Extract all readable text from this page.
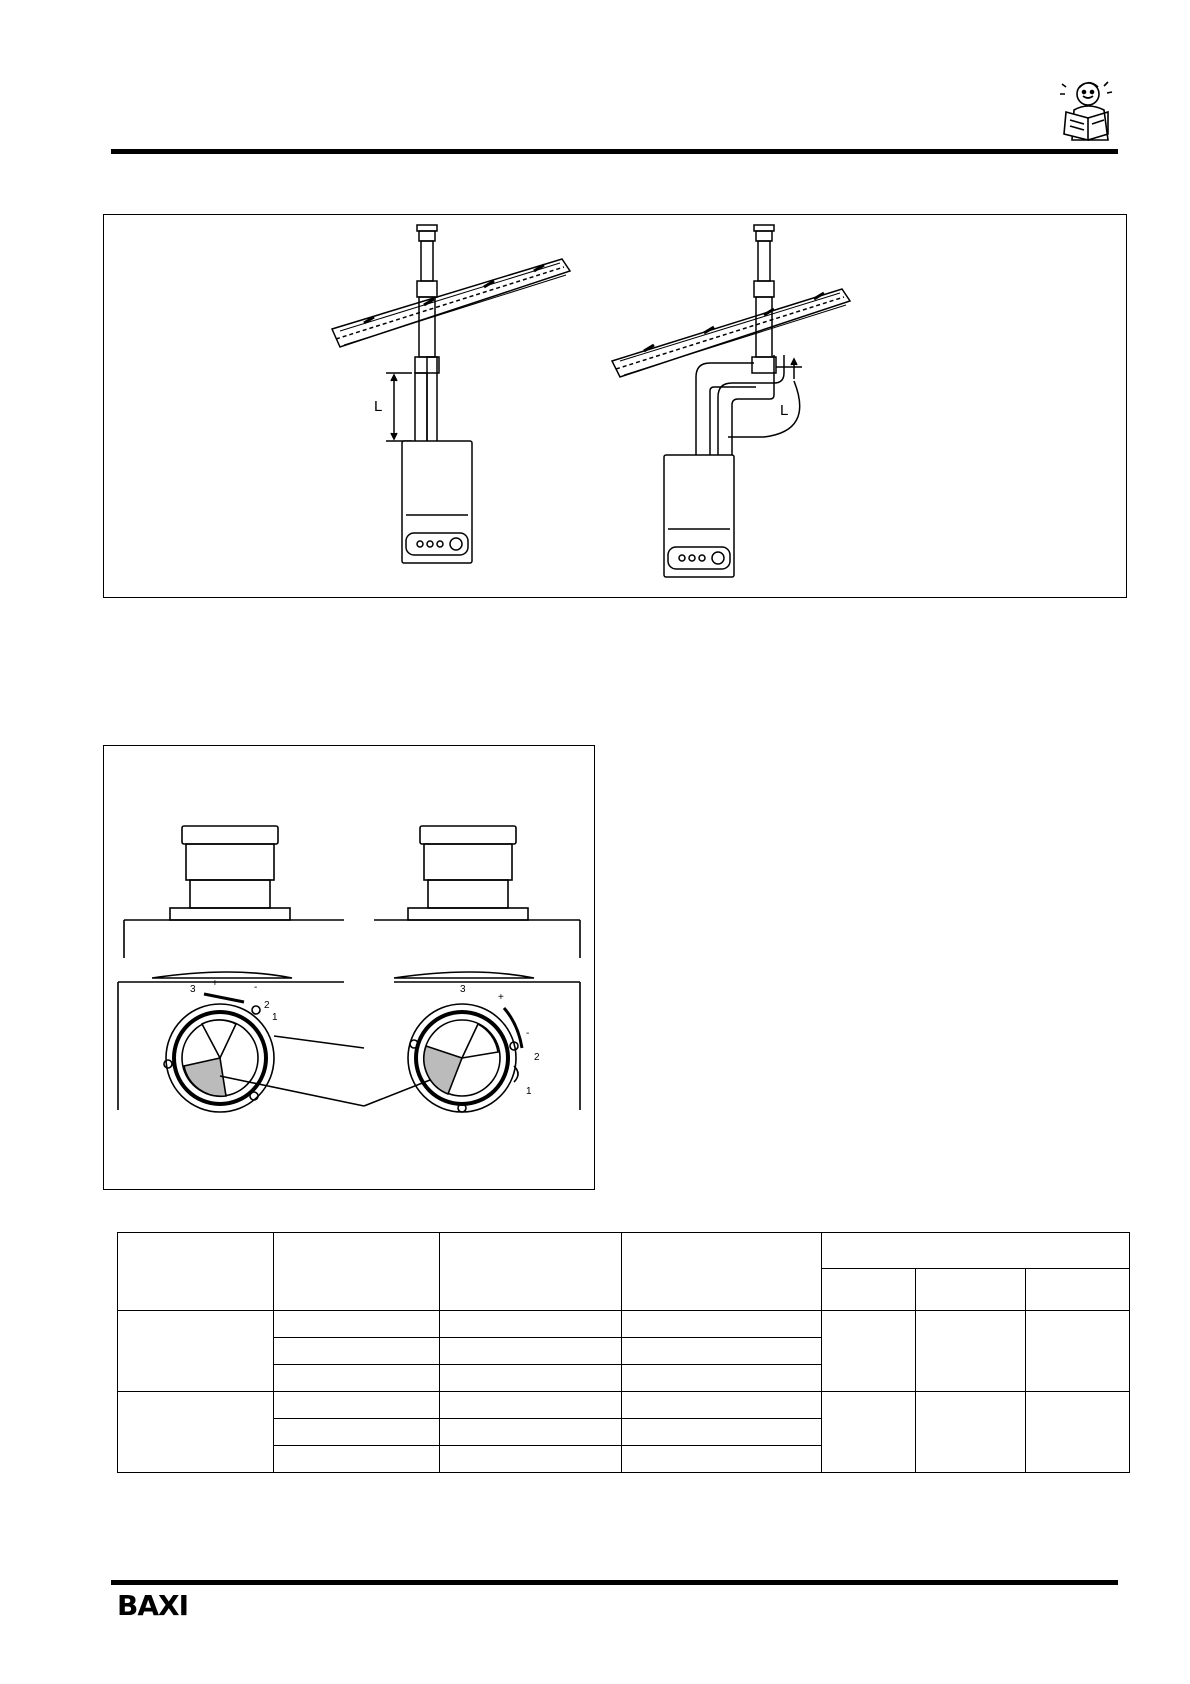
L	L
3
2
1
+	-	3
2
1
+
-

BAXI
